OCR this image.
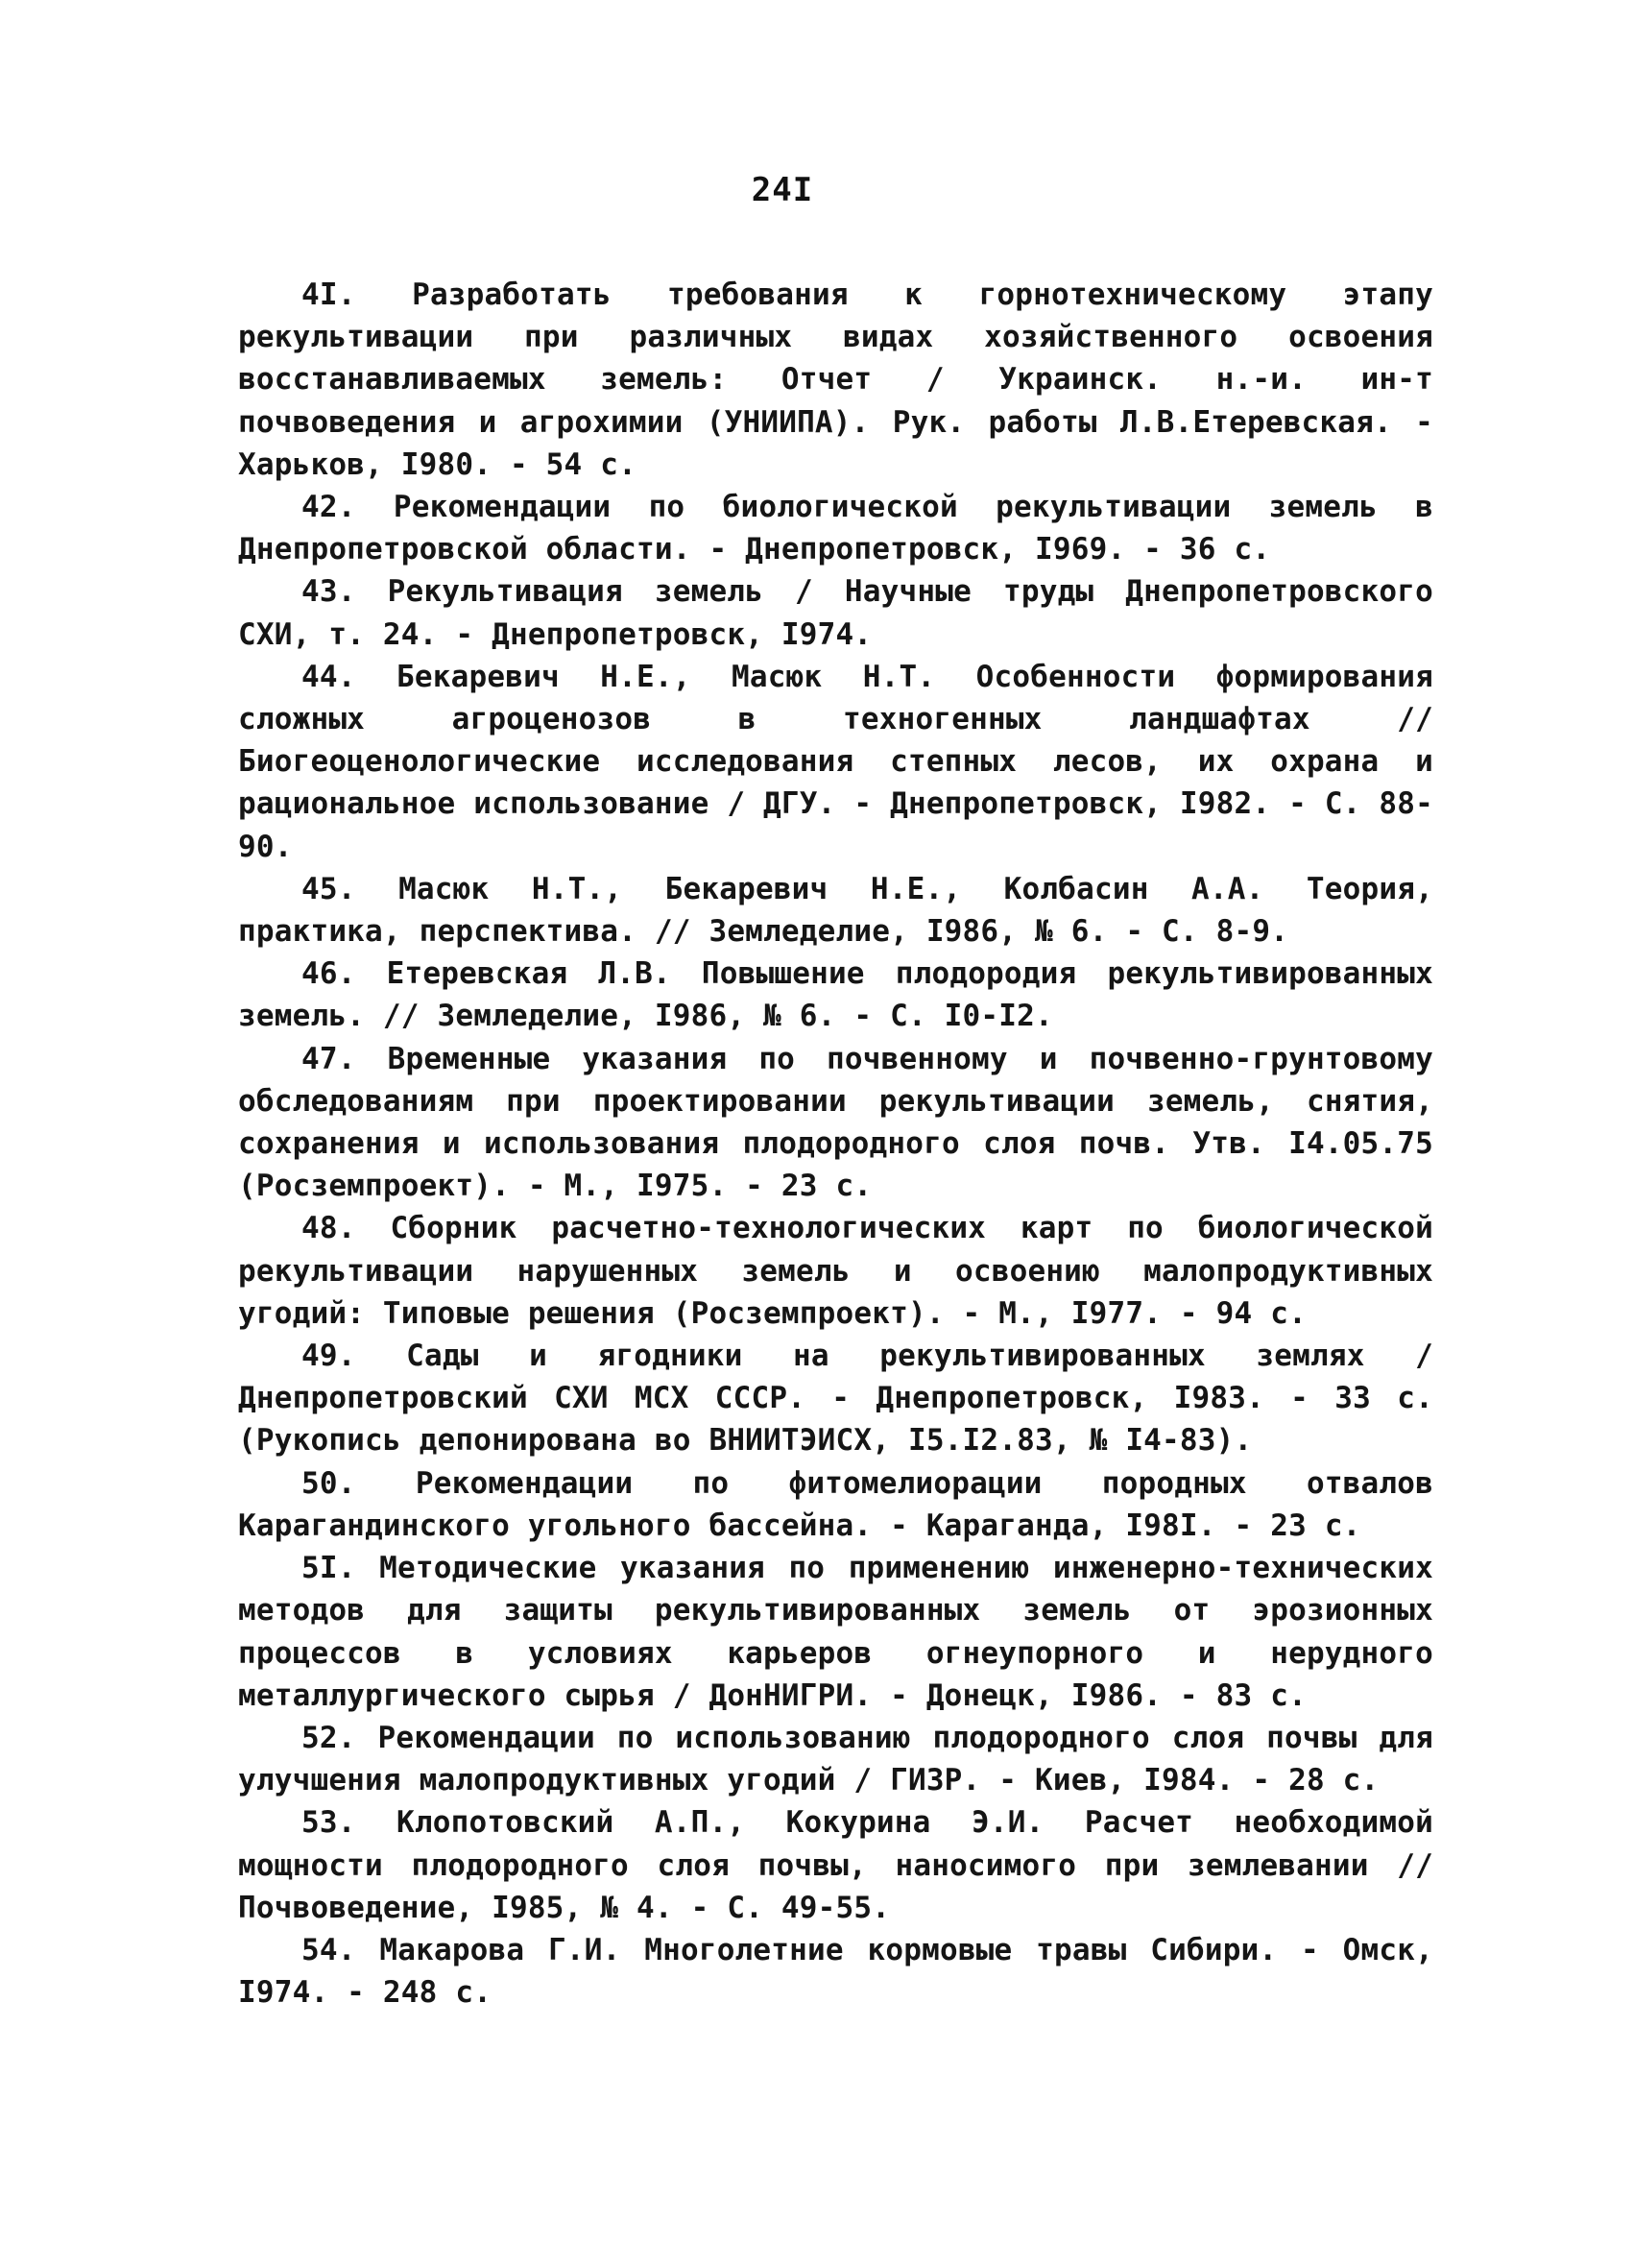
24I
4I. Разработать требования к горнотехническому этапу рекультивации при различных видах хозяйственного освоения восстанавливаемых земель: Отчет / Украинск. н.-и. ин-т почвоведения и агрохимии (УНИИПА). Рук. работы Л.В.Етеревская. - Харьков, I980. - 54 с.
42. Рекомендации по биологической рекультивации земель в Днепропетровской области. - Днепропетровск, I969. - 36 с.
43. Рекультивация земель / Научные труды Днепропетровского СХИ, т. 24. - Днепропетровск, I974.
44. Бекаревич Н.Е., Масюк Н.Т. Особенности формирования сложных агроценозов в техногенных ландшафтах // Биогеоценологические исследования степных лесов, их охрана и рациональное использование / ДГУ. - Днепропетровск, I982. - С. 88-90.
45. Масюк Н.Т., Бекаревич Н.Е., Колбасин А.А. Теория, практика, перспектива. // Земледелие, I986, № 6. - С. 8-9.
46. Етеревская Л.В. Повышение плодородия рекультивированных земель. // Земледелие, I986, № 6. - С. I0-I2.
47. Временные указания по почвенному и почвенно-грунтовому обследованиям при проектировании рекультивации земель, снятия, сохранения и использования плодородного слоя почв. Утв. I4.05.75 (Росземпроект). - М., I975. - 23 с.
48. Сборник расчетно-технологических карт по биологической рекультивации нарушенных земель и освоению малопродуктивных угодий: Типовые решения (Росземпроект). - М., I977. - 94 с.
49. Сады и ягодники на рекультивированных землях / Днепропетровский СХИ МСХ СССР. - Днепропетровск, I983. - 33 с. (Рукопись депонирована во ВНИИТЭИСХ, I5.I2.83, № I4-83).
50. Рекомендации по фитомелиорации породных отвалов Карагандинского угольного бассейна. - Караганда, I98I. - 23 с.
5I. Методические указания по применению инженерно-технических методов для защиты рекультивированных земель от эрозионных процессов в условиях карьеров огнеупорного и нерудного металлургического сырья / ДонНИГРИ. - Донецк, I986. - 83 с.
52. Рекомендации по использованию плодородного слоя почвы для улучшения малопродуктивных угодий / ГИЗР. - Киев, I984. - 28 с.
53. Клопотовский А.П., Кокурина Э.И. Расчет необходимой мощности плодородного слоя почвы, наносимого при землевании // Почвоведение, I985, № 4. - С. 49-55.
54. Макарова Г.И. Многолетние кормовые травы Сибири. - Омск, I974. - 248 с.
